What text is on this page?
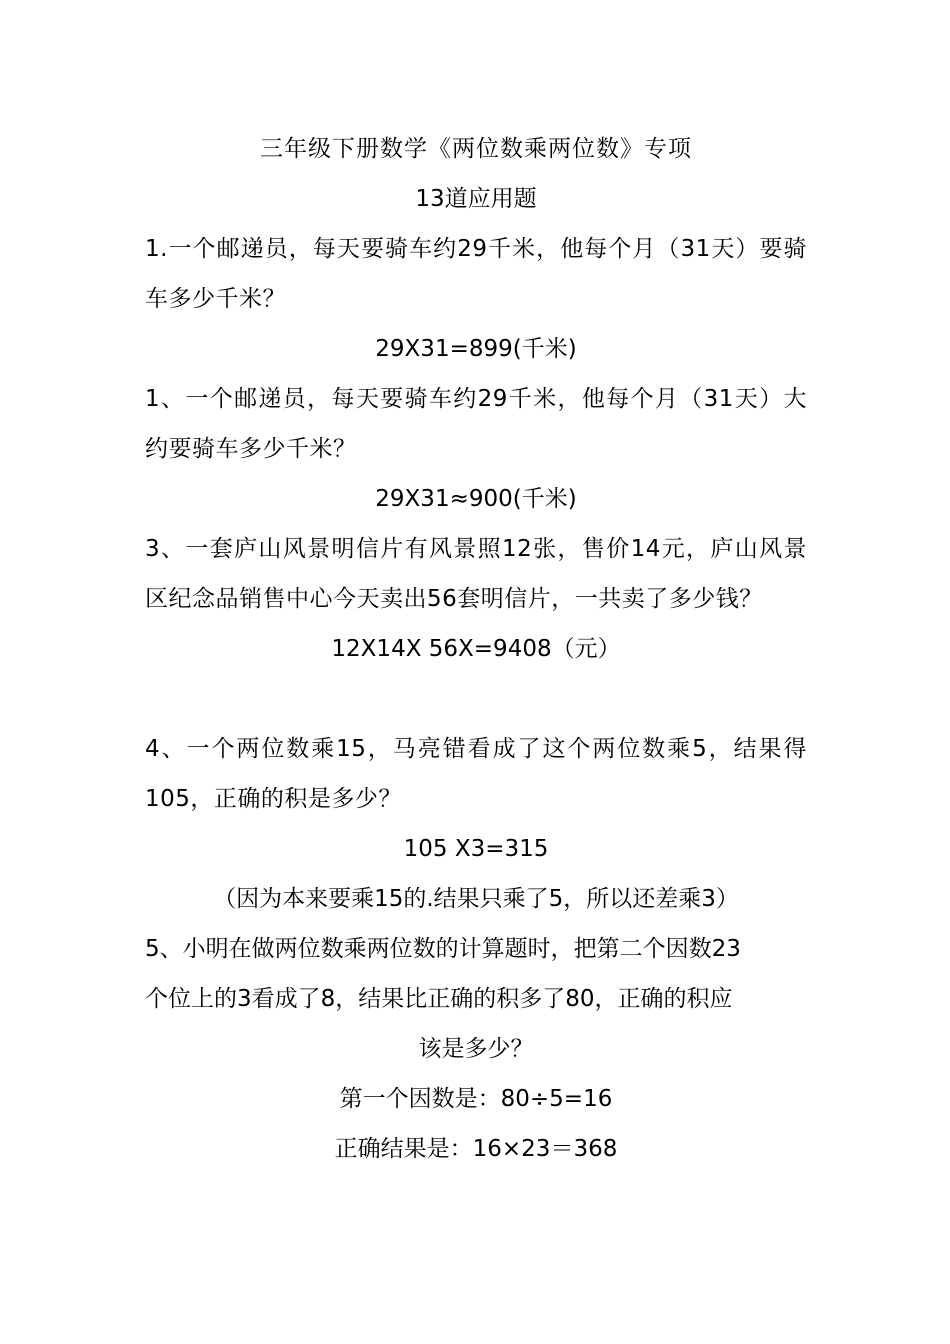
三年级下册数学《两位数乘两位数》专项

13道应用题

1.一个邮递员，每天要骑车约29千米，他每个月（31天）要骑车多少千米？

29X31=899(千米)

1、一个邮递员，每天要骑车约29千米，他每个月（31天）大约要骑车多少千米？

29X31≈900(千米)

3、一套庐山风景明信片有风景照12张，售价14元，庐山风景区纪念品销售中心今天卖出56套明信片，一共卖了多少钱？

12X14X 56X=9408（元）

4、一个两位数乘15，马亮错看成了这个两位数乘5，结果得105，正确的积是多少？

105 X3=315

（因为本来要乘15的.结果只乘了5，所以还差乘3）

5、小明在做两位数乘两位数的计算题时，把第二个因数23

个位上的3看成了8，结果比正确的积多了80，正确的积应

该是多少？

第一个因数是：80÷5=16

正确结果是：16×23＝368
